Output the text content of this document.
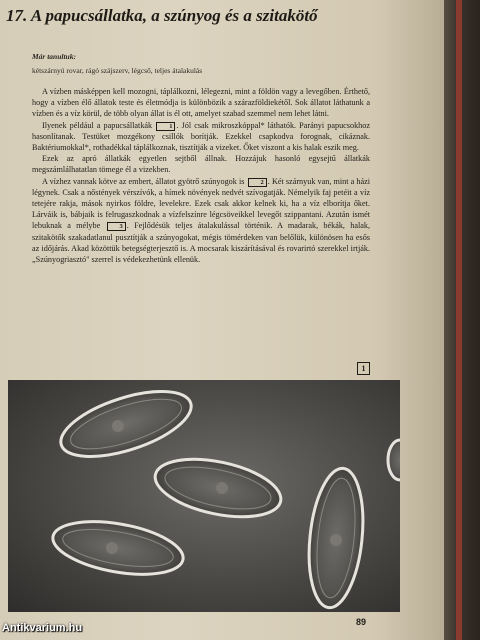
17. A papucsállatka, a szúnyog és a szitakötő
Már tanultuk:
kétszárnyú rovar, rágó szájszerv, légcső, teljes átalakulás

A vízben másképpen kell mozogni, táplálkozni, lélegezni, mint a földön vagy a levegőben. Érthető, hogy a vízben élő állatok teste és életmódja is különbözik a szárazföldiekétől. Sok állatot láthatunk a vízben és a víz körül, de több olyan állat is él ott, amelyet szabad szemmel nem lehet látni.

Ilyenek például a papucsállatkák	1 . Jól csak mikroszkóppal* láthatók. Parányi papucsokhoz hasonlítanak. Testüket mozgékony csillók borítják. Ezekkel csapkodva forognak, cikáznak. Baktériumokkal*, rothadékkal táplálkoznak, tisztítják a vizeket. Őket viszont a kis halak eszik meg.

Ezek az apró állatkák egyetlen sejtből állnak. Hozzájuk hasonló egysejtű állatkák megszámlálhatatlan tömege él a vizekben.

A vízhez vannak kötve az embert, állatot gyötrő szúnyogok is 2 . Két szárnyuk van, mint a házi légynek. Csak a nőstények vérszívók, a hímek növények nedvét szívogatják. Némelyik faj petéit a víz tetejére rakja, mások nyirkos földre, levelekre. Ezek csak akkor kelnek ki, ha a víz elborítja őket. Lárváik is, bábjaik is felrugaszkodnak a vízfelszínre légcsöveikkel levegőt szippantani. Azután ismét lebuknak a mélybe	3 . Fejlődésük teljes átalakulással történik. A madarak, békák, halak, szitakötők szakadatlanul pusztítják a szúnyogokat, mégis tömérdeken van belőlük, különösen ha esős az időjárás. Akad közöttük betegségterjesztő is. A mocsarak kiszárításával és rovarirtó szerekkel irtják. „Szúnyogriasztó" szerrel is védekezhetünk ellenük.

1
89
Antikvarium.hu
